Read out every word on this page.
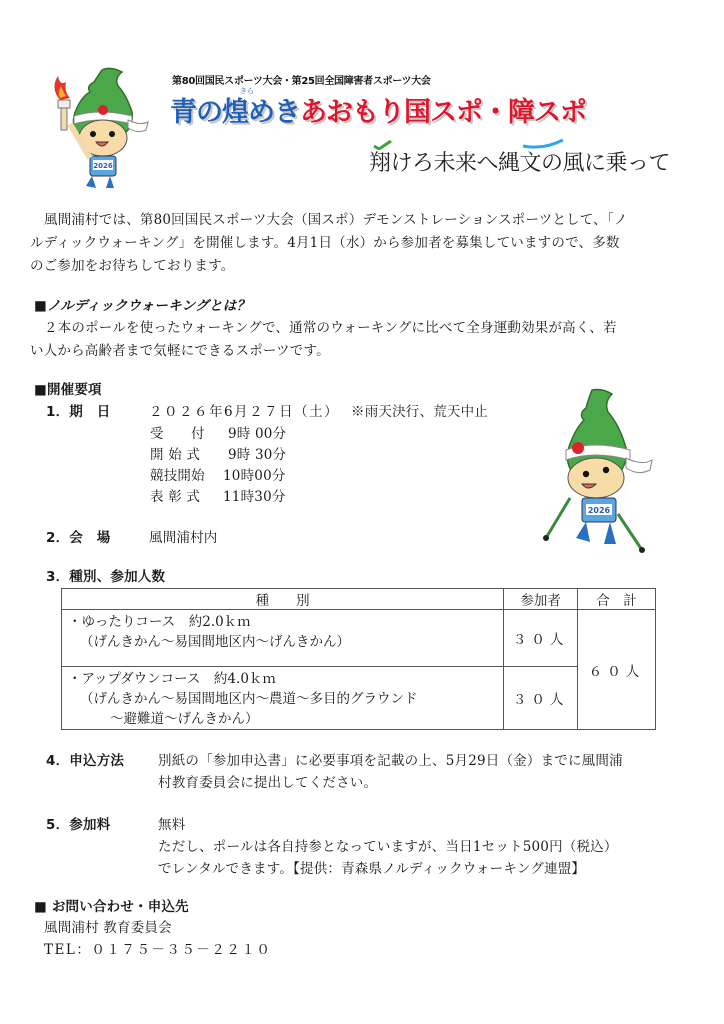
2026
第80回国民スポーツ大会・第25回全国障害者スポーツ大会
きら
青の煌めきあおもり国スポ・障スポ
翔けろ未来へ縄文の風に乗って
風間浦村では、第80回国民スポーツ大会（国スポ）デモンストレーションスポーツとして、「ノ
ルディックウォーキング」を開催します。4月1日（水）から参加者を募集していますので、多数
のご参加をお待ちしております。
■ノルディックウォーキングとは？
２本のポールを使ったウォーキングで、通常のウォーキングに比べて全身運動効果が高く、若
い人から高齢者まで気軽にできるスポーツです。
■開催要項
1．期　日	２０２６年6月２７日（土） ※雨天決行、荒天中止
受　　付 9時 00分
開 始 式 9時 30分
競技開始 10時00分
表 彰 式 11時30分
2026
2．会　場	風間浦村内
3．種別、参加人数
種　　別	参加者	合　計

・ゆったりコース　約2.0ｋｍ
（げんきかん〜易国間地区内〜げんきかん）	３０人	６０人

・アップダウンコース　約4.0ｋｍ
（げんきかん〜易国間地区内〜農道〜多目的グラウンド
〜避難道〜げんきかん）	３０人	
4．申込方法	別紙の「参加申込書」に必要事項を記載の上、5月29日（金）までに風間浦
村教育委員会に提出してください。
5．参加料	無料
ただし、ポールは各自持参となっていますが、当日1セット500円（税込）
でレンタルできます。【提供：青森県ノルディックウォーキング連盟】
■ お問い合わせ・申込先
風間浦村 教育委員会
TEL：０１７５－３５－２２１０
